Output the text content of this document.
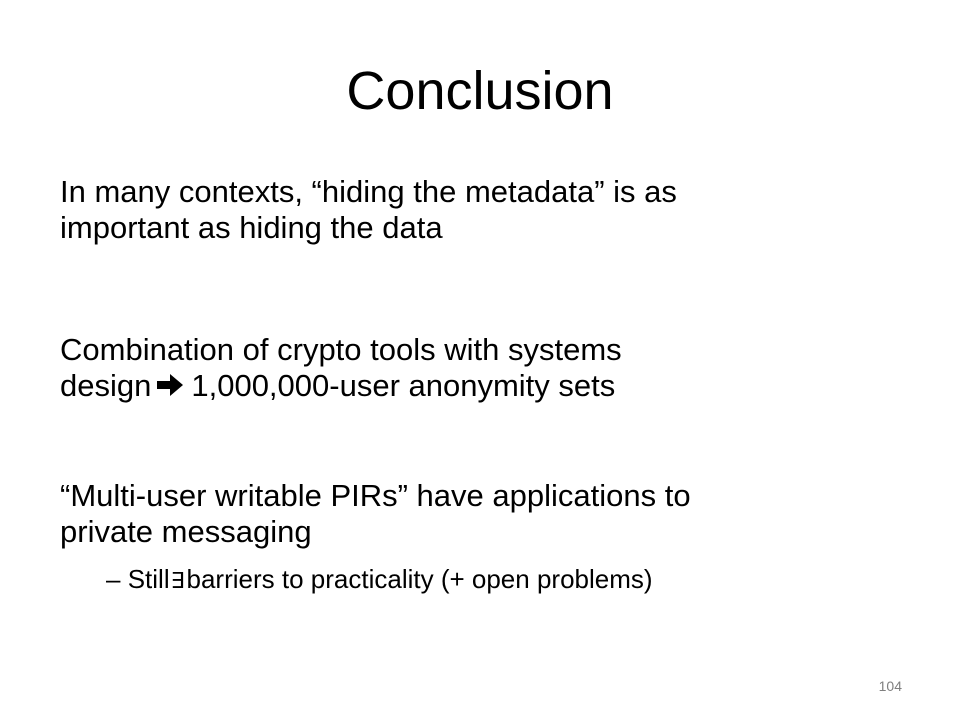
Conclusion

In many contexts, “hiding the metadata” is as
important as hiding the data

Combination of crypto tools with systems
design 1,000,000-user anonymity sets

“Multi-user writable PIRs” have applications to
private messaging

– Still∃barriers to practicality (+ open problems)

104
